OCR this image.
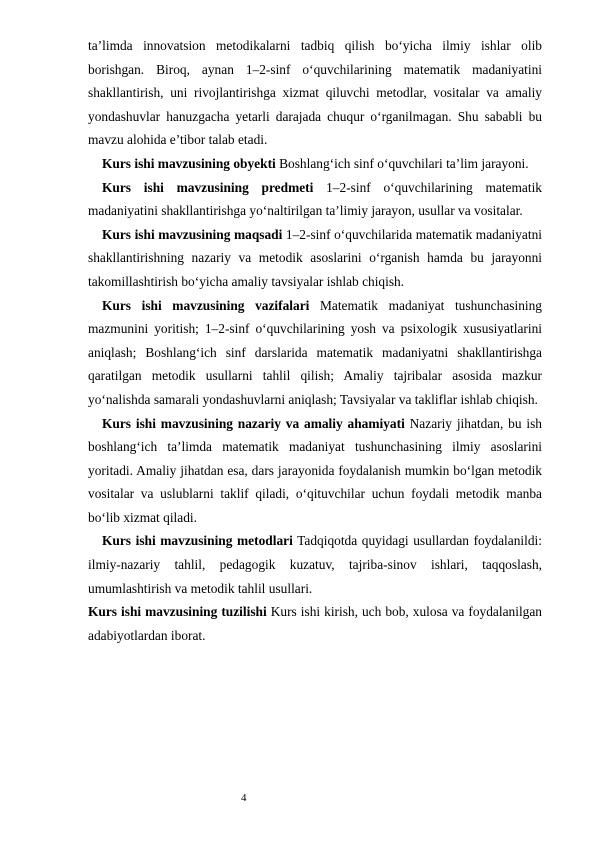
ta’limda innovatsion metodikalarni tadbiq qilish bo‘yicha ilmiy ishlar olib borishgan. Biroq, aynan 1–2-sinf o‘quvchilarining matematik madaniyatini shakllantirish, uni rivojlantirishga xizmat qiluvchi metodlar, vositalar va amaliy yondashuvlar hanuzgacha yetarli darajada chuqur o‘rganilmagan. Shu sababli bu mavzu alohida e’tibor talab etadi.

Kurs ishi mavzusining obyekti Boshlang‘ich sinf o‘quvchilari ta’lim jarayoni.

Kurs ishi mavzusining predmeti 1–2-sinf o‘quvchilarining matematik madaniyatini shakllantirishga yo‘naltirilgan ta’limiy jarayon, usullar va vositalar.

Kurs ishi mavzusining maqsadi 1–2-sinf o‘quvchilarida matematik madaniyatni shakllantirishning nazariy va metodik asoslarini o‘rganish hamda bu jarayonni takomillashtirish bo‘yicha amaliy tavsiyalar ishlab chiqish.

Kurs ishi mavzusining vazifalari Matematik madaniyat tushunchasining mazmunini yoritish; 1–2-sinf o‘quvchilarining yosh va psixologik xususiyatlarini aniqlash; Boshlang‘ich sinf darslarida matematik madaniyatni shakllantirishga qaratilgan metodik usullarni tahlil qilish; Amaliy tajribalar asosida mazkur yo‘nalishda samarali yondashuvlarni aniqlash; Tavsiyalar va takliflar ishlab chiqish.

Kurs ishi mavzusining nazariy va amaliy ahamiyati Nazariy jihatdan, bu ish boshlang‘ich ta’limda matematik madaniyat tushunchasining ilmiy asoslarini yoritadi. Amaliy jihatdan esa, dars jarayonida foydalanish mumkin bo‘lgan metodik vositalar va uslublarni taklif qiladi, o‘qituvchilar uchun foydali metodik manba bo‘lib xizmat qiladi.

Kurs ishi mavzusining metodlari Tadqiqotda quyidagi usullardan foydalanildi: ilmiy-nazariy tahlil, pedagogik kuzatuv, tajriba-sinov ishlari, taqqoslash, umumlashtirish va metodik tahlil usullari.

Kurs ishi mavzusining tuzilishi Kurs ishi kirish, uch bob, xulosa va foydalanilgan adabiyotlardan iborat.

4
